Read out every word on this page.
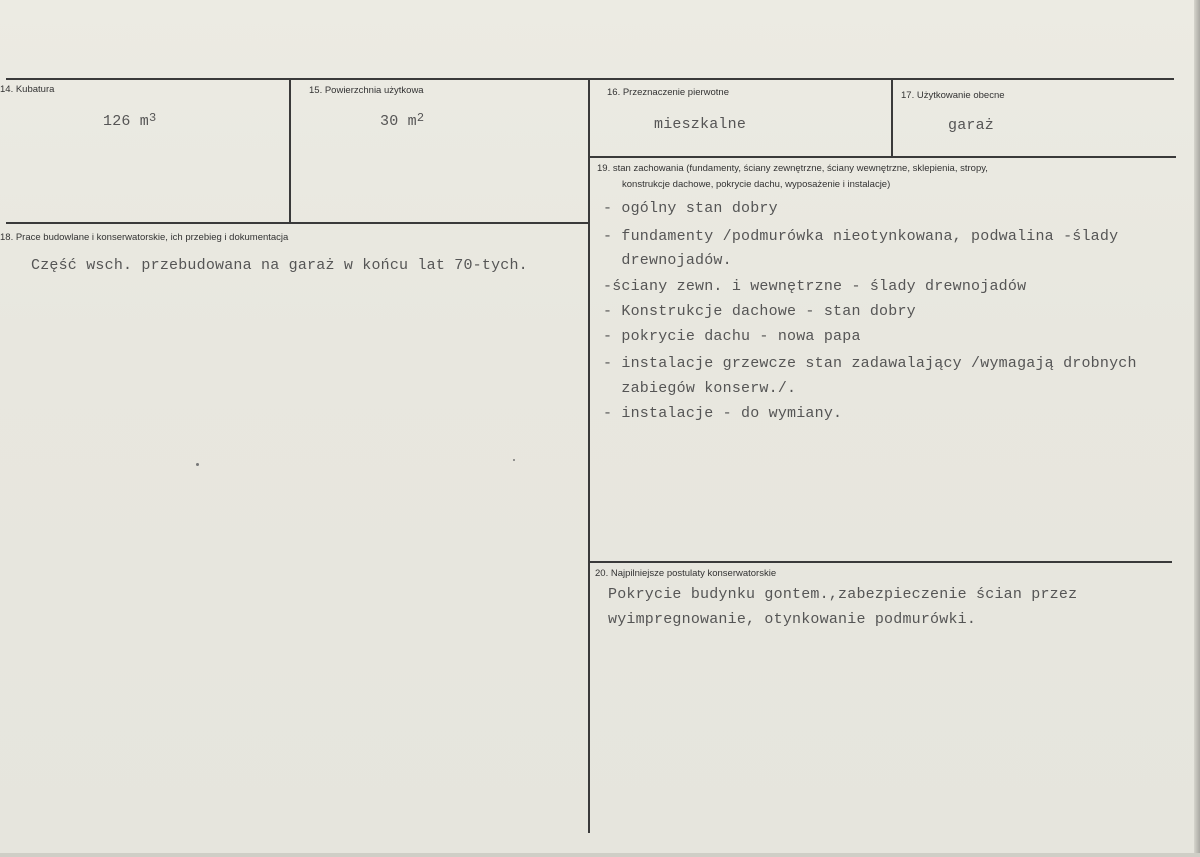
14. Kubatura
126 $m^3$
15. Powierzchnia użytkowa
30 $m^2$
16. Przeznaczenie pierwotne
mieszkalne
17. Użytkowanie obecne
garaż
18. Prace budowlane i konserwatorskie, ich przebieg i dokumentacja
Część wsch. przebudowana na garaż w końcu lat 70-tych.
19. stan zachowania (fundamenty, ściany zewnętrzne, ściany wewnętrzne, sklepienia, stropy,
konstrukcje dachowe, pokrycie dachu, wyposażenie i instalacje)
- ogólny stan dobry
- fundamenty /podmurówka nieotynkowana, podwalina -ślady
drewnojadów.
-ściany zewn. i wewnętrzne - ślady drewnojadów
- Konstrukcje dachowe - stan dobry
- pokrycie dachu - nowa papa
- instalacje grzewcze stan zadawalający /wymagają drobnych
zabiegów konserw./.
- instalacje - do wymiany.
20. Najpilniejsze postulaty konserwatorskie
Pokrycie budynku gontem.,zabezpieczenie ścian przez
wyimpregnowanie, otynkowanie podmurówki.
